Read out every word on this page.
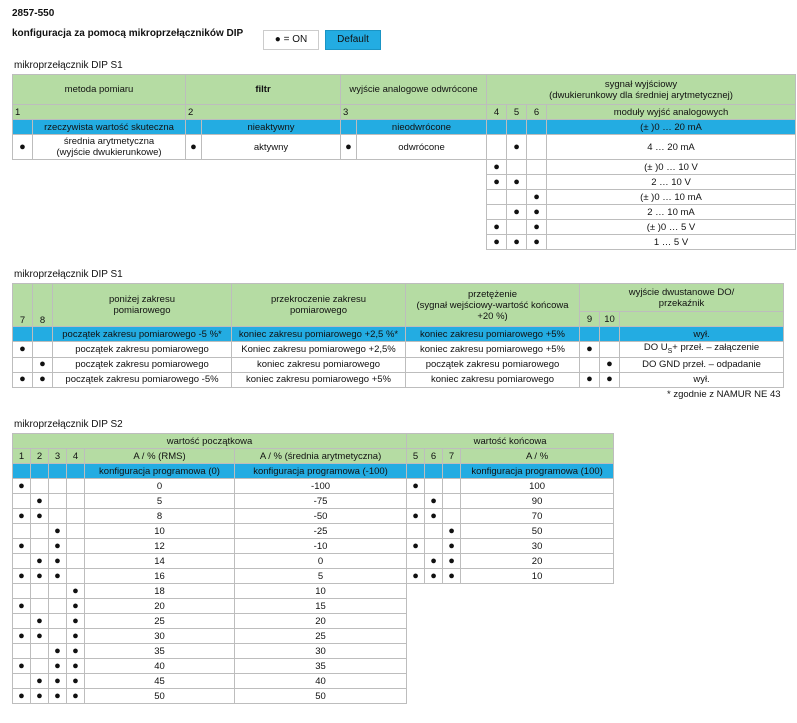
2857-550
konfiguracja za pomocą mikroprzełączników DIP
● = ON	Default
mikroprzełącznik DIP S1
metoda pomiaru		filtr		wyjście analogowe odwrócone		sygnał wyjściowy
(dwukierunkowy dla średniej arytmetycznej)			
1		2		3		4	5	6	moduły wyjść analogowych
	rzeczywista wartość skuteczna		nieaktywny		nieodwrócone				(± )0 … 20 mA
●	średnia arytmetyczna
(wyjście dwukierunkowe)	●	aktywny	●	odwrócone		●		4 … 20 mA
						●			(± )0 … 10 V
						●	●		2 … 10 V
								●	(± )0 … 10 mA
							●	●	2 … 10 mA
						●		●	(± )0 … 5 V
						●	●	●	1 … 5 V
mikroprzełącznik DIP S1
7	8	poniżej zakresu
pomiarowego	przekroczenie zakresu
pomiarowego	przetężenie
(sygnał wejściowy-wartość końcowa
+20 %)	wyjście dwustanowe DO/
przekaźnik		
					9	10	
		początek zakresu pomiarowego -5 %*	koniec zakresu pomiarowego +2,5 %*	koniec zakresu pomiarowego +5%			wył.
●		początek zakresu pomiarowego	Koniec zakresu pomiarowego +2,5%	koniec zakresu pomiarowego +5%	●		DO $U_S+$ przeł. – załączenie
	●	początek zakresu pomiarowego	koniec zakresu pomiarowego	początek zakresu pomiarowego		●	DO GND przeł. – odpadanie
●	●	początek zakresu pomiarowego -5%	koniec zakresu pomiarowego +5%	koniec zakresu pomiarowego	●	●	wył.
* zgodnie z NAMUR NE 43
mikroprzełącznik DIP S2
wartość początkowa						wartość końcowa			
1	2	3	4	A / % (RMS)	A / % (średnia arytmetyczna)	5	6	7	A / %
				konfiguracja programowa (0)	konfiguracja programowa (-100)				konfiguracja programowa (100)
●				0	-100	●			100
	●			5	-75		●		90
●	●			8	-50	●	●		70
		●		10	-25			●	50
●		●		12	-10	●		●	30
	●	●		14	0		●	●	20
●	●	●		16	5	●	●	●	10
			●	18	10				
●			●	20	15				
	●		●	25	20				
●	●		●	30	25				
		●	●	35	30				
●		●	●	40	35				
	●	●	●	45	40				
●	●	●	●	50	50				
